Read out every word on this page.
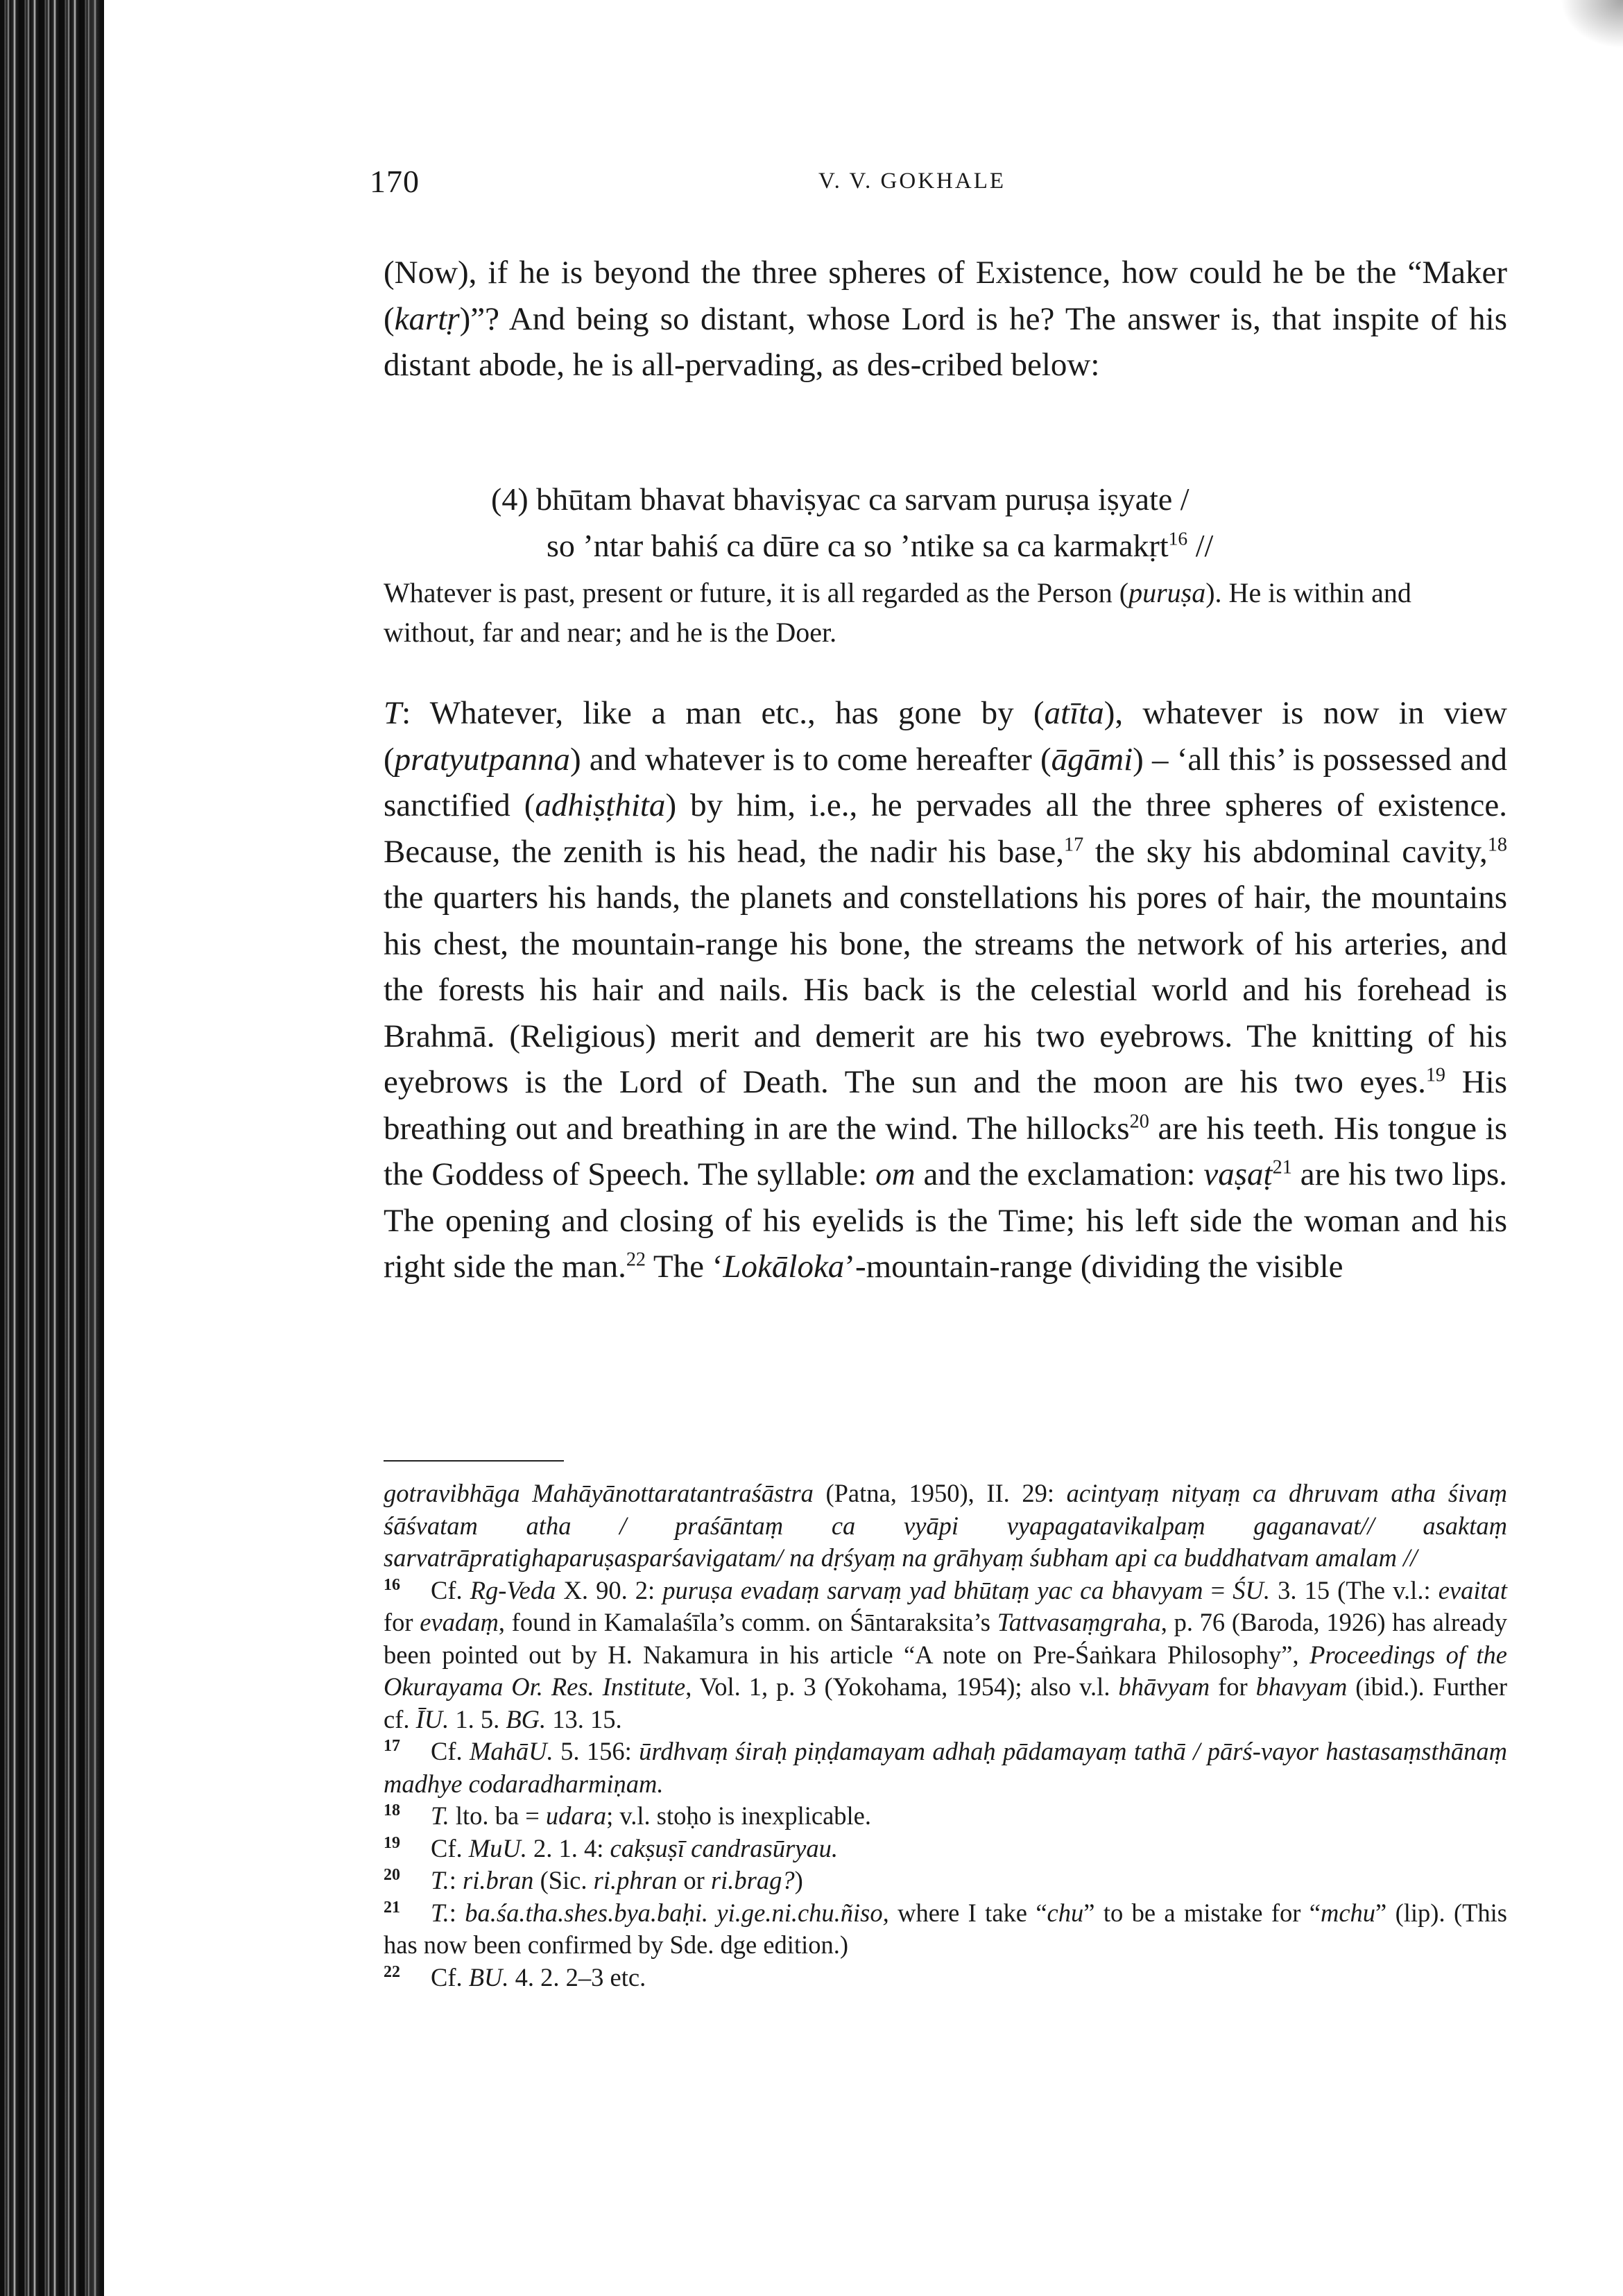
170	V. V. GOKHALE

(Now), if he is beyond the three spheres of Existence, how could he be the “Maker (kartṛ)”? And being so distant, whose Lord is he? The answer is, that inspite of his distant abode, he is all-pervading, as des-cribed below:

(4) bhūtam bhavat bhaviṣyac ca sarvam puruṣa iṣyate /
so ’ntar bahiś ca dūre ca so ’ntike sa ca karmakṛt$^{16}$ //
Whatever is past, present or future, it is all regarded as the Person (puruṣa). He is within and without, far and near; and he is the Doer.

T: Whatever, like a man etc., has gone by (atīta), whatever is now in view (pratyutpanna) and whatever is to come hereafter (āgāmi) – ‘all this’ is possessed and sanctified (adhiṣṭhita) by him, i.e., he pervades all the three spheres of existence. Because, the zenith is his head, the nadir his base,$^{17}$ the sky his abdominal cavity,$^{18}$ the quarters his hands, the planets and constellations his pores of hair, the mountains his chest, the mountain-range his bone, the streams the network of his arteries, and the forests his hair and nails. His back is the celestial world and his forehead is Brahmā. (Religious) merit and demerit are his two eyebrows. The knitting of his eyebrows is the Lord of Death. The sun and the moon are his two eyes.$^{19}$ His breathing out and breathing in are the wind. The hillocks$^{20}$ are his teeth. His tongue is the Goddess of Speech. The syllable: om and the exclamation: vaṣaṭ$^{21}$ are his two lips. The opening and closing of his eyelids is the Time; his left side the woman and his right side the man.$^{22}$ The ‘Lokāloka’-mountain-range (dividing the visible

gotravibhāga Mahāyānottaratantraśāstra (Patna, 1950), II. 29: acintyaṃ nityaṃ ca dhruvam atha śivaṃ śāśvatam atha / praśāntaṃ ca vyāpi vyapagatavikalpaṃ gaganavat// asaktaṃ sarvatrāpratighaparuṣasparśavigatam/ na dṛśyaṃ na grāhyaṃ śubham api ca buddhatvam amalam //

$^{16}$ Cf. Rg-Veda X. 90. 2: puruṣa evadaṃ sarvaṃ yad bhūtaṃ yac ca bhavyam = ŚU. 3. 15 (The v.l.: evaitat for evadaṃ, found in Kamalaśīla’s comm. on Śāntaraksita’s Tattvasaṃgraha, p. 76 (Baroda, 1926) has already been pointed out by H. Nakamura in his article “A note on Pre-Śaṅkara Philosophy”, Proceedings of the Okurayama Or. Res. Institute, Vol. 1, p. 3 (Yokohama, 1954); also v.l. bhāvyam for bhavyam (ibid.). Further cf. ĪU. 1. 5. BG. 13. 15.

$^{17}$ Cf. MahāU. 5. 156: ūrdhvaṃ śiraḥ piṇḍamayam adhaḥ pādamayaṃ tathā / pārś-vayor hastasaṃsthānaṃ madhye codaradharmiṇam.

$^{18}$ T. lto. ba = udara; v.l. stoḥo is inexplicable.

$^{19}$ Cf. MuU. 2. 1. 4: cakṣuṣī candrasūryau.

$^{20}$ T.: ri.bran (Sic. ri.phran or ri.brag?)

$^{21}$ T.: ba.śa.tha.shes.bya.baḥi. yi.ge.ni.chu.ñiso, where I take “chu” to be a mistake for “mchu” (lip). (This has now been confirmed by Sde. dge edition.)

$^{22}$ Cf. BU. 4. 2. 2–3 etc.
